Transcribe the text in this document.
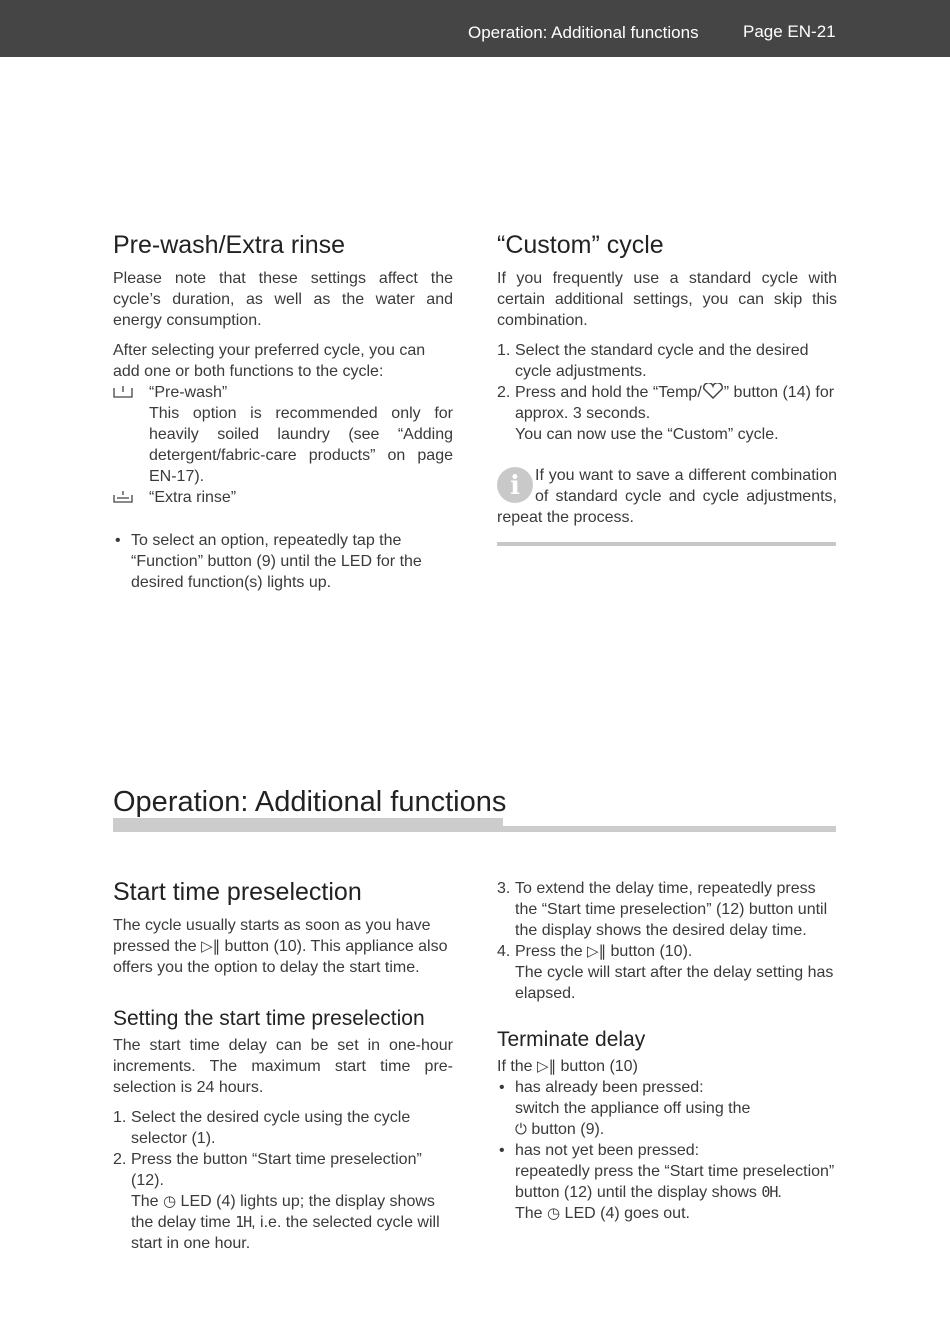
Operation: Additional functions	Page EN-21
Pre-wash/Extra rinse

Please note that these settings affect the cycle’s duration, as well as the water and energy consumption.

After selecting your preferred cycle, you can add one or both functions to the cycle:

“Pre-wash”
This option is recommended only for heavily soiled laundry (see “Adding detergent/fabric-care products” on page EN-17).
“Extra rinse”
• To select an option, repeatedly tap the “Function” button (9) until the LED for the desired function(s) lights up.
“Custom” cycle

If you frequently use a standard cycle with certain additional settings, you can skip this combination.

1. Select the standard cycle and the desired cycle adjustments.
2. Press and hold the “Temp/ ” button (14) for approx. 3 seconds.
You can now use the “Custom” cycle.
i If you want to save a different combination of standard cycle and cycle adjustments, repeat the process.
Operation: Additional functions
Start time preselection

The cycle usually starts as soon as you have pressed the ▷‖ button (10). This appliance also offers you the option to delay the start time.

Setting the start time preselection

The start time delay can be set in one-hour increments. The maximum start time pre-selection is 24 hours.

1. Select the desired cycle using the cycle selector (1).
2. Press the button “Start time preselection” (12).
The ◷ LED (4) lights up; the display shows the delay time 1H, i.e. the selected cycle will start in one hour.
3. To extend the delay time, repeatedly press the “Start time preselection” (12) button until the display shows the desired delay time.
4. Press the ▷‖ button (10).
The cycle will start after the delay setting has elapsed.
Terminate delay
If the ▷‖ button (10)
• has already been pressed:
switch the appliance off using the
⏻ button (9).
• has not yet been pressed:
repeatedly press the “Start time preselection” button (12) until the display shows 0H.
The ◷ LED (4) goes out.
